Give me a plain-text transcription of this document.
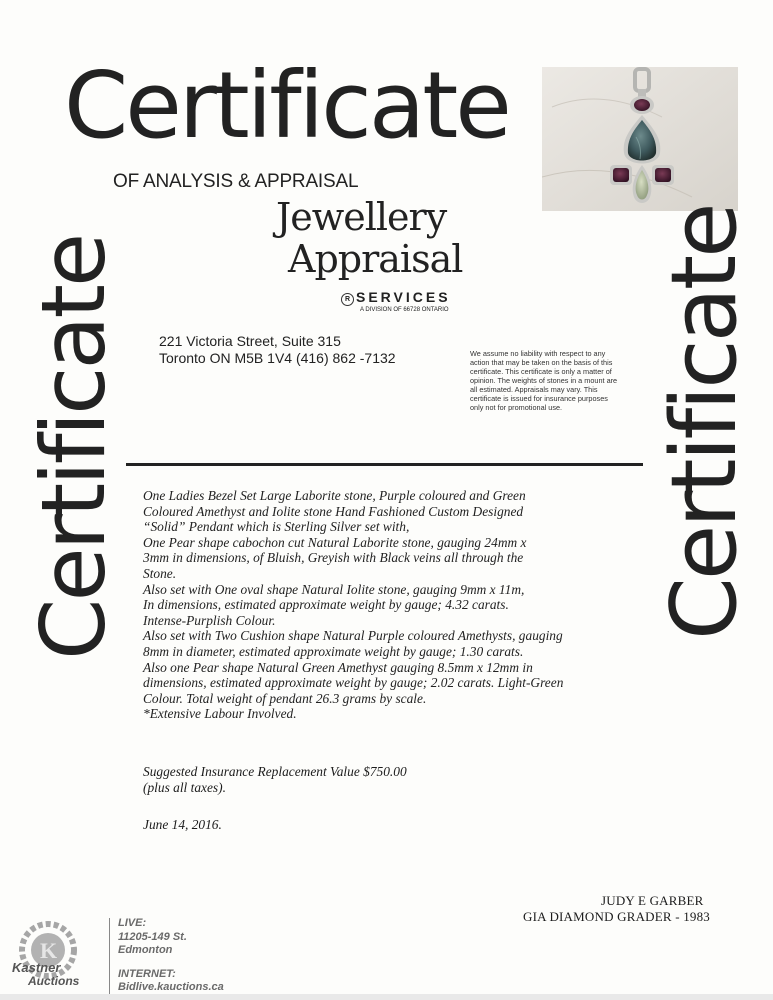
Certificate
OF ANALYSIS & APPRAISAL
Jewellery
Appraisal
R SERVICES
A DIVISION OF 66728 ONTARIO
221 Victoria Street, Suite 315
Toronto ON M5B 1V4 (416) 862 -7132	We assume no liability with respect to any action that may be taken on the basis of this certificate. This certificate is only a matter of opinion. The weights of stones in a mount are all estimated. Appraisals may vary. This certificate is issued for insurance purposes only not for promotional use.
Certificate	Certificate
One Ladies Bezel Set Large Laborite stone, Purple coloured and Green
Coloured Amethyst and Iolite stone Hand Fashioned Custom Designed
“Solid” Pendant which is Sterling Silver set with,
One Pear shape cabochon cut Natural Laborite stone, gauging 24mm x
3mm in dimensions, of Bluish, Greyish with Black veins all through the
Stone.
Also set with One oval shape Natural Iolite stone, gauging 9mm x 11m,
In dimensions, estimated approximate weight by gauge; 4.32 carats.
Intense-Purplish Colour.
Also set with Two Cushion shape Natural Purple coloured Amethysts, gauging
8mm in diameter, estimated approximate weight by gauge; 1.30 carats.
Also one Pear shape Natural Green Amethyst gauging 8.5mm x 12mm in
dimensions, estimated approximate weight by gauge; 2.02 carats. Light-Green
Colour. Total weight of pendant 26.3 grams by scale.
*Extensive Labour Involved.
Suggested Insurance Replacement Value $750.00
(plus all taxes).
June 14, 2016.
JUDY E GARBER
GIA DIAMOND GRADER - 1983
K
Kastner
Auctions
LIVE:
11205-149 St.
Edmonton
INTERNET:
Bidlive.kauctions.ca
